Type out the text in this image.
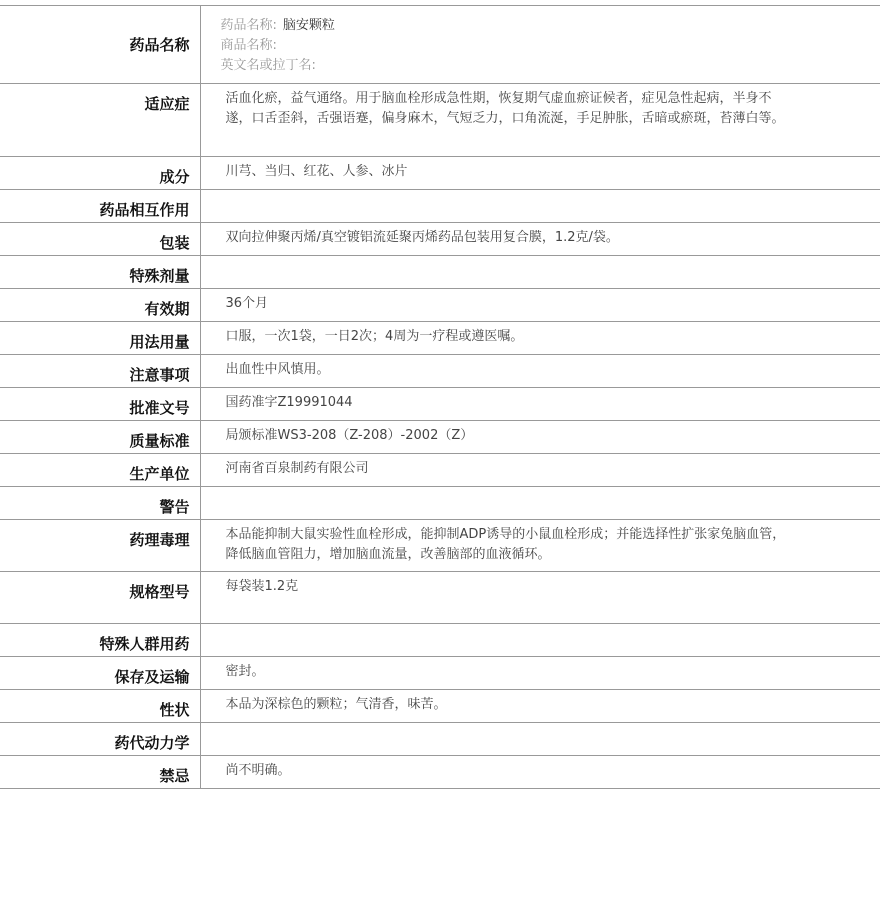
药品名称	药品名称: 脑安颗粒
商品名称:
英文名或拉丁名:

适应症	活血化瘀，益气通络。用于脑血栓形成急性期，恢复期气虚血瘀证候者，症见急性起病，半身不遂，口舌歪斜，舌强语蹇，偏身麻木，气短乏力，口角流涎，手足肿胀，舌暗或瘀斑，苔薄白等。
成分	川芎、当归、红花、人参、冰片
药品相互作用	
包装	双向拉伸聚丙烯/真空镀铝流延聚丙烯药品包装用复合膜，1.2克/袋。
特殊剂量	
有效期	36个月
用法用量	口服，一次1袋，一日2次；4周为一疗程或遵医嘱。
注意事项	出血性中风慎用。
批准文号	国药准字Z19991044
质量标准	局颁标准WS3-208（Z-208）-2002（Z）
生产单位	河南省百泉制药有限公司
警告	
药理毒理	本品能抑制大鼠实验性血栓形成，能抑制ADP诱导的小鼠血栓形成；并能选择性扩张家兔脑血管，降低脑血管阻力，增加脑血流量，改善脑部的血液循环。
规格型号	每袋装1.2克
特殊人群用药	
保存及运输	密封。
性状	本品为深棕色的颗粒；气清香，味苦。
药代动力学	
禁忌	尚不明确。
